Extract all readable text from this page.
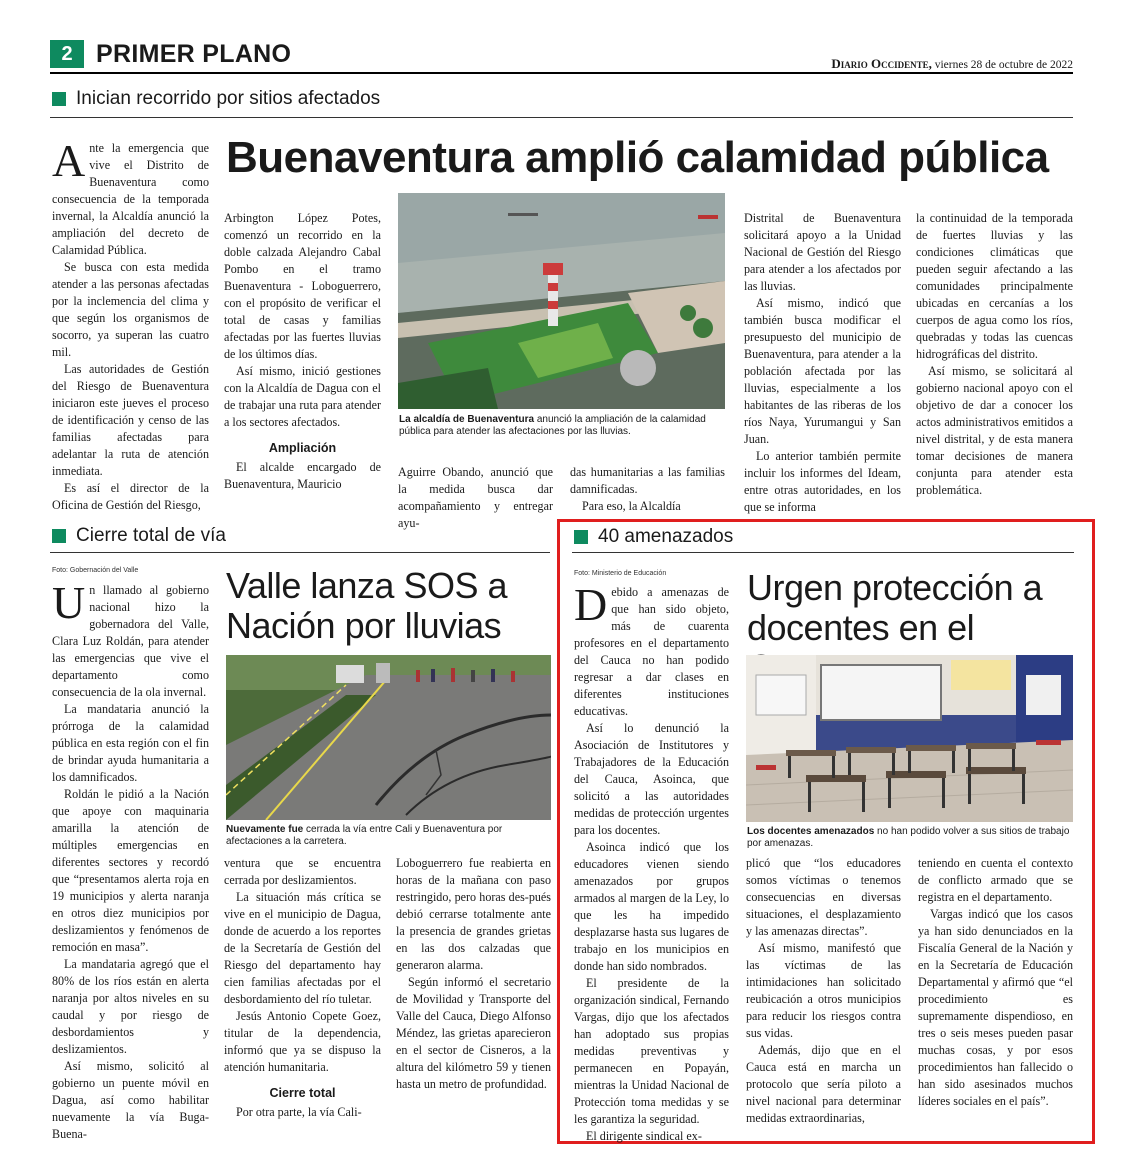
2 PRIMER PLANO	Diario Occidente, viernes 28 de octubre de 2022
Inician recorrido por sitios afectados

Ante la emergencia que vive el Distrito de Buenaventura como consecuencia de la temporada invernal, la Alcaldía anunció la ampliación del decreto de Calamidad Pública.

Se busca con esta medida atender a las personas afectadas por la inclemencia del clima y que según los organismos de socorro, ya superan las cuatro mil.

Las autoridades de Gestión del Riesgo de Buenaventura iniciaron este jueves el proceso de identificación y censo de las familias afectadas para adelantar la ruta de atención inmediata.

Es así el director de la Oficina de Gestión del Riesgo,

Buenaventura amplió calamidad pública

Arbington López Potes, comenzó un recorrido en la doble calzada Alejandro Cabal Pombo en el tramo Buenaventura - Loboguerrero, con el propósito de verificar el total de casas y familias afectadas por las fuertes lluvias de los últimos días.

Así mismo, inició gestiones con la Alcaldía de Dagua con el de trabajar una ruta para atender a los sectores afectados.

Ampliación

El alcalde encargado de Buenaventura, Mauricio

La alcaldía de Buenaventura anunció la ampliación de la calamidad pública para atender las afectaciones por las lluvias.

Aguirre Obando, anunció que la medida busca dar acompañamiento y entregar ayu-

das humanitarias a las familias damnificadas.

Para eso, la Alcaldía

Distrital de Buenaventura solicitará apoyo a la Unidad Nacional de Gestión del Riesgo para atender a los afectados por las lluvias.

Así mismo, indicó que también busca modificar el presupuesto del municipio de Buenaventura, para atender a la población afectada por las lluvias, especialmente a los habitantes de las riberas de los ríos Naya, Yurumangui y San Juan.

Lo anterior también permite incluir los informes del Ideam, entre otras autoridades, en los que se informa

la continuidad de la temporada de fuertes lluvias y las condiciones climáticas que pueden seguir afectando a las comunidades principalmente ubicadas en cercanías a los cuerpos de agua como los ríos, quebradas y todas las cuencas hidrográficas del distrito.

Así mismo, se solicitará al gobierno nacional apoyo con el objetivo de dar a conocer los actos administrativos emitidos a nivel distrital, y de esta manera tomar decisiones de manera conjunta para atender esta problemática.

Cierre total de vía
Foto: Gobernación del Valle

Un llamado al gobierno nacional hizo la gobernadora del Valle, Clara Luz Roldán, para atender las emergencias que vive el departamento como consecuencia de la ola invernal.

La mandataria anunció la prórroga de la calamidad pública en esta región con el fin de brindar ayuda humanitaria a los damnificados.

Roldán le pidió a la Nación que apoye con maquinaria amarilla la atención de múltiples emergencias en diferentes sectores y recordó que “presentamos alerta roja en 19 municipios y alerta naranja en otros diez municipios por deslizamientos y fenómenos de remoción en masa”.

La mandataria agregó que el 80% de los ríos están en alerta naranja por altos niveles en su caudal y por riesgo de desbordamientos y deslizamientos.

Así mismo, solicitó al gobierno un puente móvil en Dagua, así como habilitar nuevamente la vía Buga- Buena-

Valle lanza SOS a Nación por lluvias
Nuevamente fue cerrada la vía entre Cali y Buenaventura por afectaciones a la carretera.

ventura que se encuentra cerrada por deslizamientos.

La situación más crítica se vive en el municipio de Dagua, donde de acuerdo a los reportes de la Secretaría de Gestión del Riesgo del departamento hay cien familias afectadas por el desbordamiento del río tuletar.

Jesús Antonio Copete Goez, titular de la dependencia, informó que ya se dispuso la atención humanitaria.

Cierre total

Por otra parte, la vía Cali-

Loboguerrero fue reabierta en horas de la mañana con paso restringido, pero horas des-pués debió cerrarse totalmente ante la presencia de grandes grietas en las dos calzadas que generaron alarma.

Según informó el secretario de Movilidad y Transporte del Valle del Cauca, Diego Alfonso Méndez, las grietas aparecieron en el sector de Cisneros, a la altura del kilómetro 59 y tienen hasta un metro de profundidad.

40 amenazados
Foto: Ministerio de Educación

Debido a amenazas de que han sido objeto, más de cuarenta profesores en el departamento del Cauca no han podido regresar a dar clases en diferentes instituciones educativas.

Así lo denunció la Asociación de Institutores y Trabajadores de la Educación del Cauca, Asoinca, que solicitó a las autoridades medidas de protección urgentes para los docentes.

Asoinca indicó que los educadores vienen siendo amenazados por grupos armados al margen de la Ley, lo que les ha impedido desplazarse hasta sus lugares de trabajo en los municipios en donde han sido nombrados.

El presidente de la organización sindical, Fernando Vargas, dijo que los afectados han adoptado sus propias medidas preventivas y permanecen en Popayán, mientras la Unidad Nacional de Protección toma medidas y se les garantiza la seguridad.

El dirigente sindical ex-

Urgen protección a docentes en el
Los docentes amenazados no han podido volver a sus sitios de trabajo por amenazas.

plicó que “los educadores somos víctimas o tenemos consecuencias en diversas situaciones, el desplazamiento y las amenazas directas”.

Así mismo, manifestó que las víctimas de las intimidaciones han solicitado reubicación a otros municipios para reducir los riesgos contra sus vidas.

Además, dijo que en el Cauca está en marcha un protocolo que sería piloto a nivel nacional para determinar medidas extraordinarias,

teniendo en cuenta el contexto de conflicto armado que se registra en el departamento.

Vargas indicó que los casos ya han sido denunciados en la Fiscalía General de la Nación y en la Secretaría de Educación Departamental y afirmó que “el procedimiento es supremamente dispendioso, en tres o seis meses pueden pasar muchas cosas, y por esos procedimientos han fallecido o han sido asesinados muchos líderes sociales en el país”.
